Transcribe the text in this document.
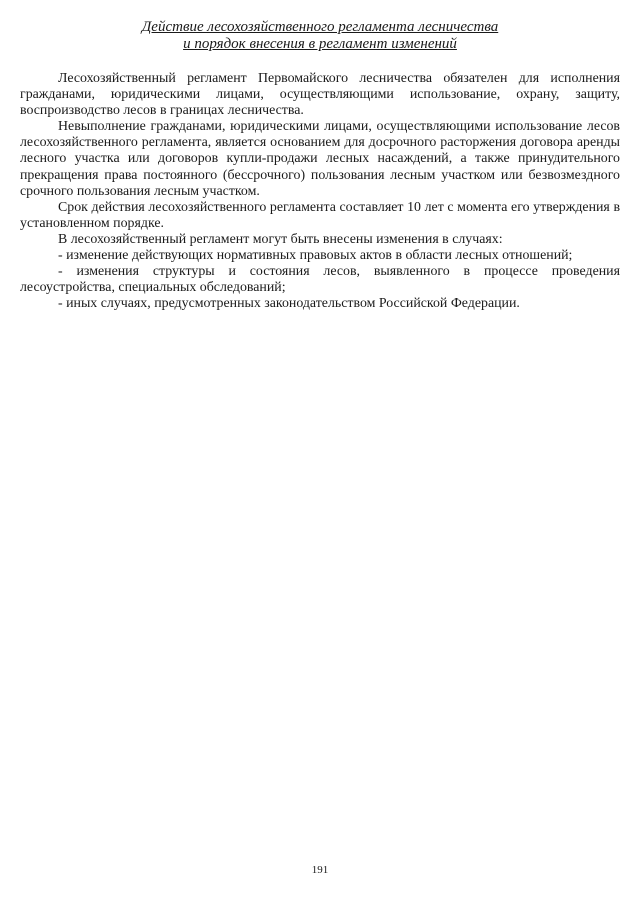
Действие лесохозяйственного регламента лесничества
и порядок внесения в регламент изменений

Лесохозяйственный регламент Первомайского лесничества обязателен для исполнения гражданами, юридическими лицами, осуществляющими использование, охрану, защиту, воспроизводство лесов в границах лесничества.

Невыполнение гражданами, юридическими лицами, осуществляющими использование лесов лесохозяйственного регламента, является основанием для досрочного расторжения договора аренды лесного участка или договоров купли-продажи лесных насаждений, а также принудительного прекращения права постоянного (бессрочного) пользования лесным участком или безвозмездного срочного пользования лесным участком.

Срок действия лесохозяйственного регламента составляет 10 лет с момента его утверждения в установленном порядке.

В лесохозяйственный регламент могут быть внесены изменения в случаях:

- изменение действующих нормативных правовых актов в области лесных отношений;

- изменения структуры и состояния лесов, выявленного в процессе проведения лесоустройства, специальных обследований;

- иных случаях, предусмотренных законодательством Российской Федерации.

191
